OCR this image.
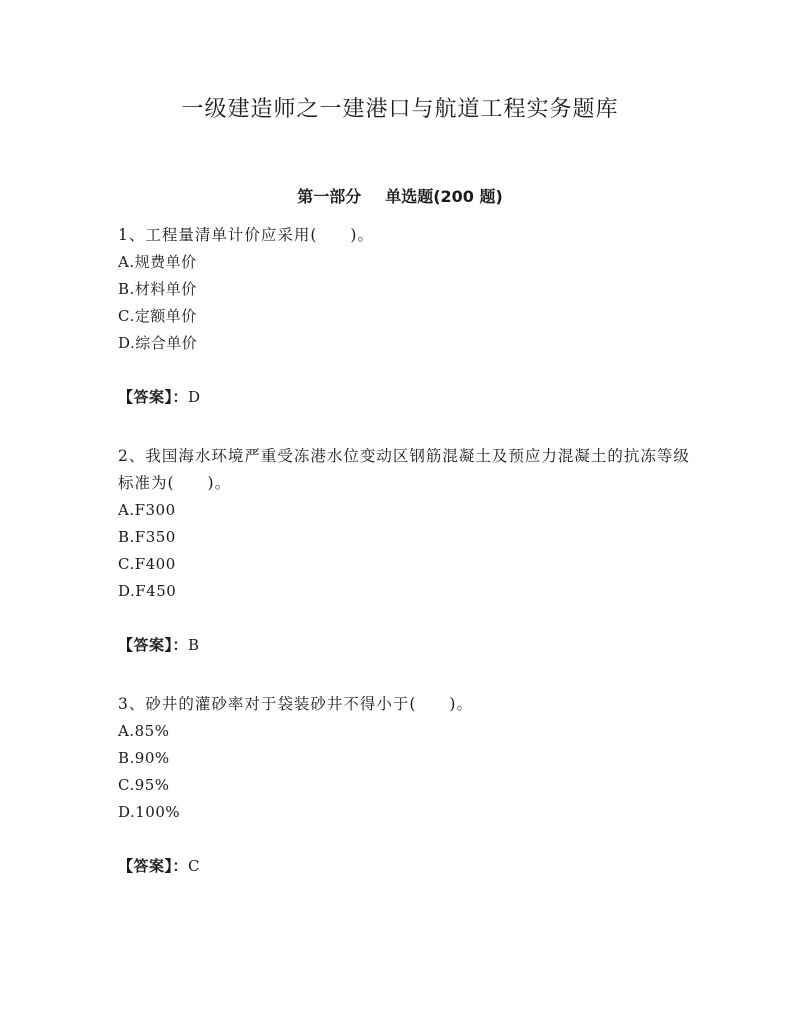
一级建造师之一建港口与航道工程实务题库
第一部分 单选题(200 题)
1、工程量清单计价应采用(　　)。
A.规费单价
B.材料单价
C.定额单价
D.综合单价
【答案】：D
2、我国海水环境严重受冻港水位变动区钢筋混凝土及预应力混凝土的抗冻等级标准为(　　)。
A.F300
B.F350
C.F400
D.F450
【答案】：B
3、砂井的灌砂率对于袋装砂井不得小于(　　)。
A.85%
B.90%
C.95%
D.100%
【答案】：C
